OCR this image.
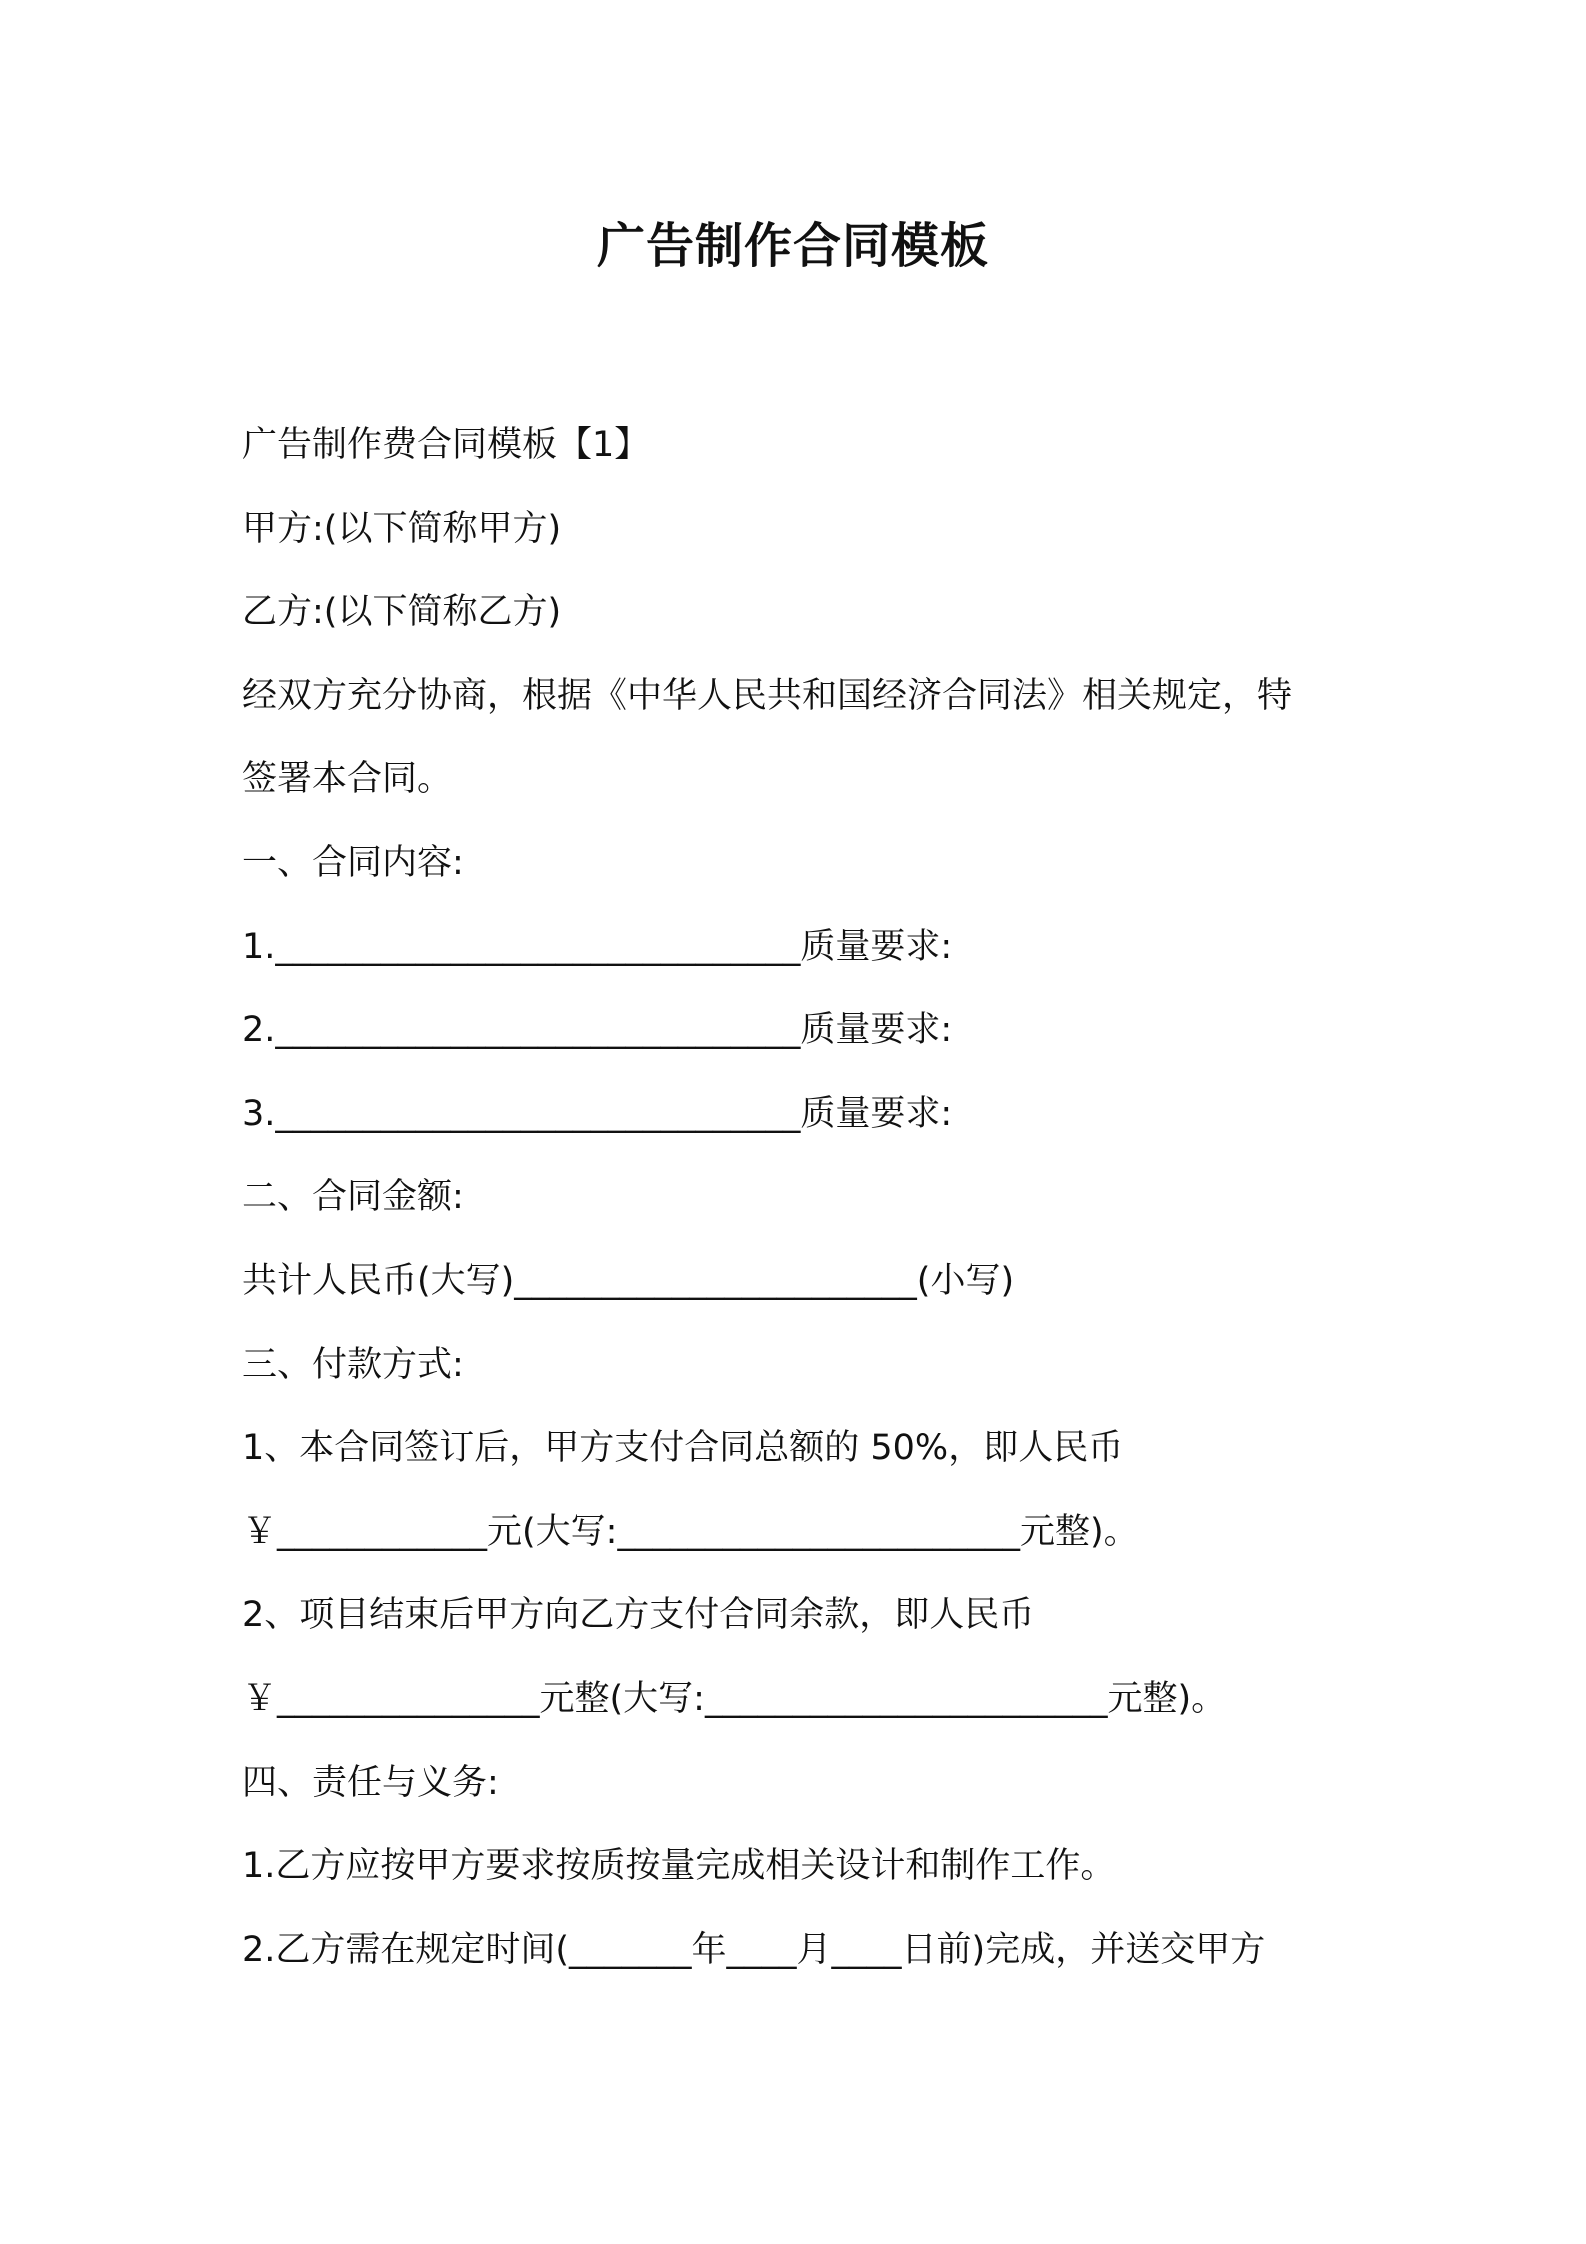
广告制作合同模板
广告制作费合同模板【1】
甲方:(以下简称甲方)
乙方:(以下简称乙方)
经双方充分协商，根据《中华人民共和国经济合同法》相关规定，特
签署本合同。
一、合同内容:
1.______________________________质量要求:
2.______________________________质量要求:
3.______________________________质量要求:
二、合同金额:
共计人民币(大写)_______________________(小写)
三、付款方式:
1、本合同签订后，甲方支付合同总额的 50%，即人民币
￥____________元(大写:_______________________元整)。
2、项目结束后甲方向乙方支付合同余款，即人民币
￥_______________元整(大写:_______________________元整)。
四、责任与义务:
1.乙方应按甲方要求按质按量完成相关设计和制作工作。
2.乙方需在规定时间(_______年____月____日前)完成，并送交甲方
